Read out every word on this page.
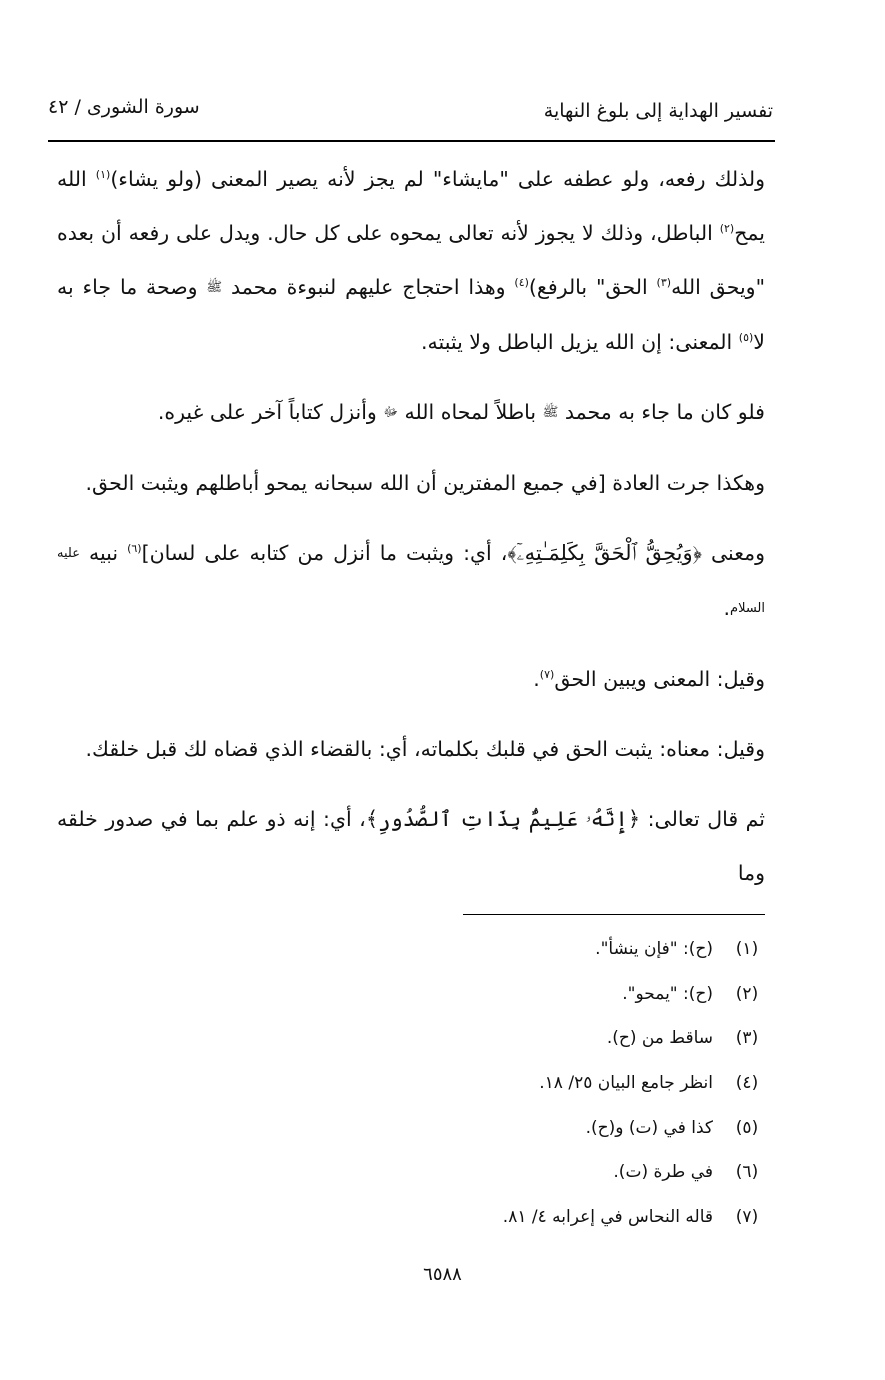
تفسير الهداية إلى بلوغ النهاية
سورة الشورى / ٤٢

ولذلك رفعه، ولو عطفه على "مايشاء" لم يجز لأنه يصير المعنى (ولو يشاء)$^{(١)}$ الله يمح$^{(٢)}$ الباطل، وذلك لا يجوز لأنه تعالى يمحوه على كل حال. ويدل على رفعه أن بعده "ويحق الله$^{(٣)}$ الحق" بالرفع)$^{(٤)}$ وهذا احتجاج عليهم لنبوءة محمد ﷺ وصحة ما جاء به لا$^{(٥)}$ المعنى: إن الله يزيل الباطل ولا يثبته.

فلو كان ما جاء به محمد ﷺ باطلاً لمحاه الله ﷻ وأنزل كتاباً آخر على غيره.

وهكذا جرت العادة [في جميع المفترين أن الله سبحانه يمحو أباطلهم ويثبت الحق.

ومعنى ﴿وَيُحِقُّ ٱلْحَقَّ بِكَلِمَـٰتِهِۦٓ﴾، أي: ويثبت ما أنزل من كتابه على لسان]$^{(٦)}$ نبيه عليه السلام.

وقيل: المعنى ويبين الحق$^{(٧)}$.

وقيل: معناه: يثبت الحق في قلبك بكلماته، أي: بالقضاء الذي قضاه لك قبل خلقك.

ثم قال تعالى: ﴿إِنَّهُۥ عَلِيمٌۢ بِذَاتِ ٱلصُّدُورِ﴾، أي: إنه ذو علم بما في صدور خلقه وما

(١)(ح): "فإن ينشأ".
(٢)(ح): "يمحو".
(٣)ساقط من (ح).
(٤)انظر جامع البيان ٢٥/ ١٨.
(٥)كذا في (ت) و(ح).
(٦)في طرة (ت).
(٧)قاله النحاس في إعرابه ٤/ ٨١.
٦٥٨٨
